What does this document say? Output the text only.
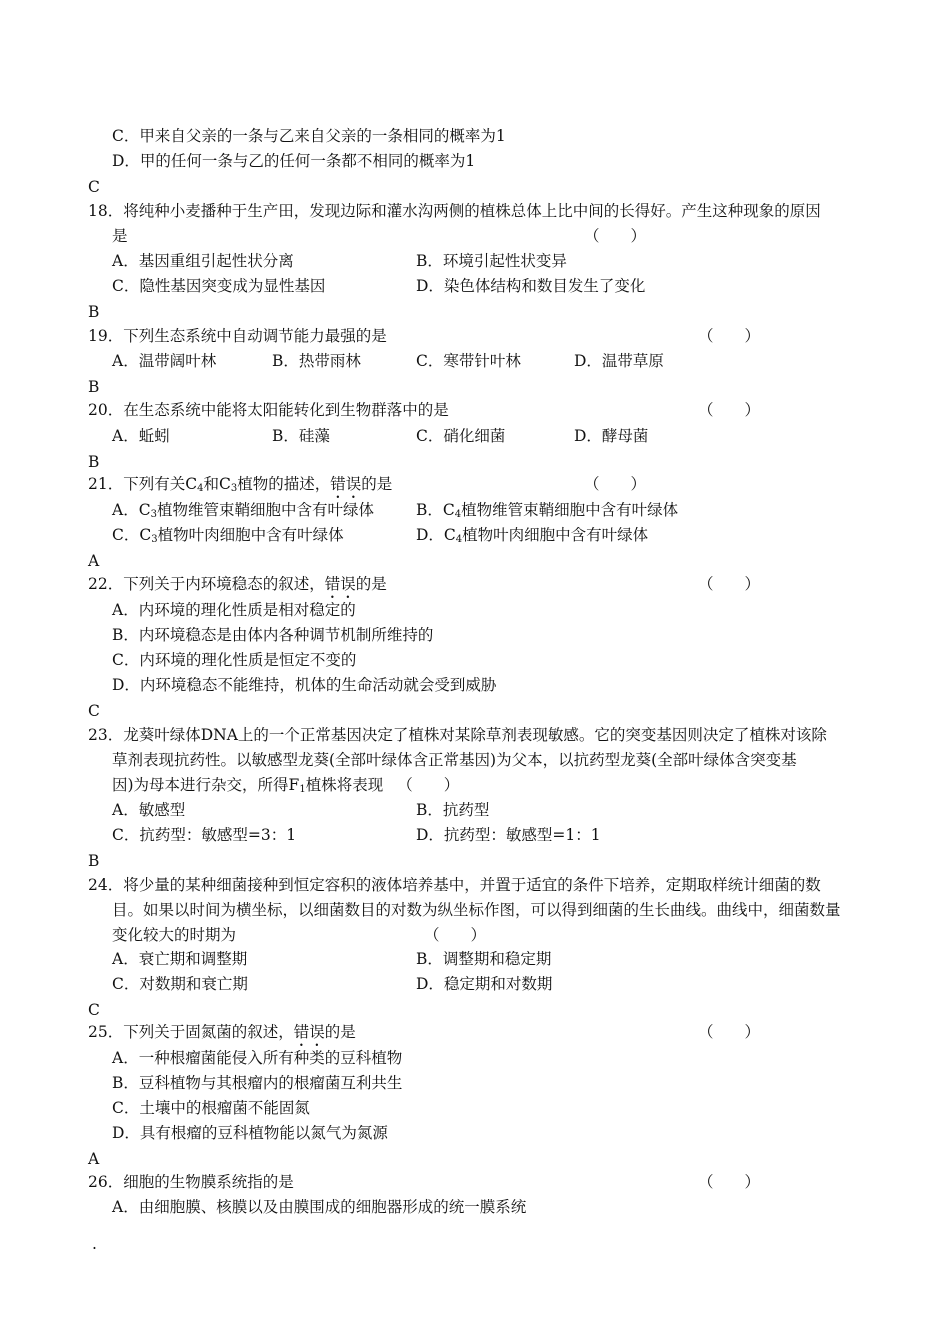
C．甲来自父亲的一条与乙来自父亲的一条相同的概率为1
D．甲的任何一条与乙的任何一条都不相同的概率为1
C
18．将纯种小麦播种于生产田，发现边际和灌水沟两侧的植株总体上比中间的长得好。产生这种现象的原因
是	（　　）
A．基因重组引起性状分离	B．环境引起性状变异
C．隐性基因突变成为显性基因	D．染色体结构和数目发生了变化
B
19．下列生态系统中自动调节能力最强的是	（　　）
A．温带阔叶林	B．热带雨林	C．寒带针叶林	D．温带草原
B
20．在生态系统中能将太阳能转化到生物群落中的是	（　　）
A．蚯蚓	B．硅藻	C．硝化细菌	D．酵母菌
B
21．下列有关$C_4$和$C_3$植物的描述，错误的是	（　　）
A．$C_3$植物维管束鞘细胞中含有叶绿体	B．$C_4$植物维管束鞘细胞中含有叶绿体
C．$C_3$植物叶肉细胞中含有叶绿体	D．$C_4$植物叶肉细胞中含有叶绿体
A
22．下列关于内环境稳态的叙述，错误的是	（　　）
A．内环境的理化性质是相对稳定的
B．内环境稳态是由体内各种调节机制所维持的
C．内环境的理化性质是恒定不变的
D．内环境稳态不能维持，机体的生命活动就会受到威胁
C
23．龙葵叶绿体DNA上的一个正常基因决定了植株对某除草剂表现敏感。它的突变基因则决定了植株对该除
草剂表现抗药性。以敏感型龙葵(全部叶绿体含正常基因)为父本，以抗药型龙葵(全部叶绿体含突变基
因)为母本进行杂交，所得$F_1$植株将表现 （　　）
A．敏感型	B．抗药型
C．抗药型：敏感型=3：1	D．抗药型：敏感型=1：1
B
24．将少量的某种细菌接种到恒定容积的液体培养基中，并置于适宜的条件下培养，定期取样统计细菌的数
目。如果以时间为横坐标，以细菌数目的对数为纵坐标作图，可以得到细菌的生长曲线。曲线中，细菌数量
变化较大的时期为	（　　）
A．衰亡期和调整期	B．调整期和稳定期
C．对数期和衰亡期	D．稳定期和对数期
C
25．下列关于固氮菌的叙述，错误的是	（　　）
A．一种根瘤菌能侵入所有种类的豆科植物
B．豆科植物与其根瘤内的根瘤菌互利共生
C．土壤中的根瘤菌不能固氮
D．具有根瘤的豆科植物能以氮气为氮源
A
26．细胞的生物膜系统指的是	（　　）
A．由细胞膜、核膜以及由膜围成的细胞器形成的统一膜系统
.
